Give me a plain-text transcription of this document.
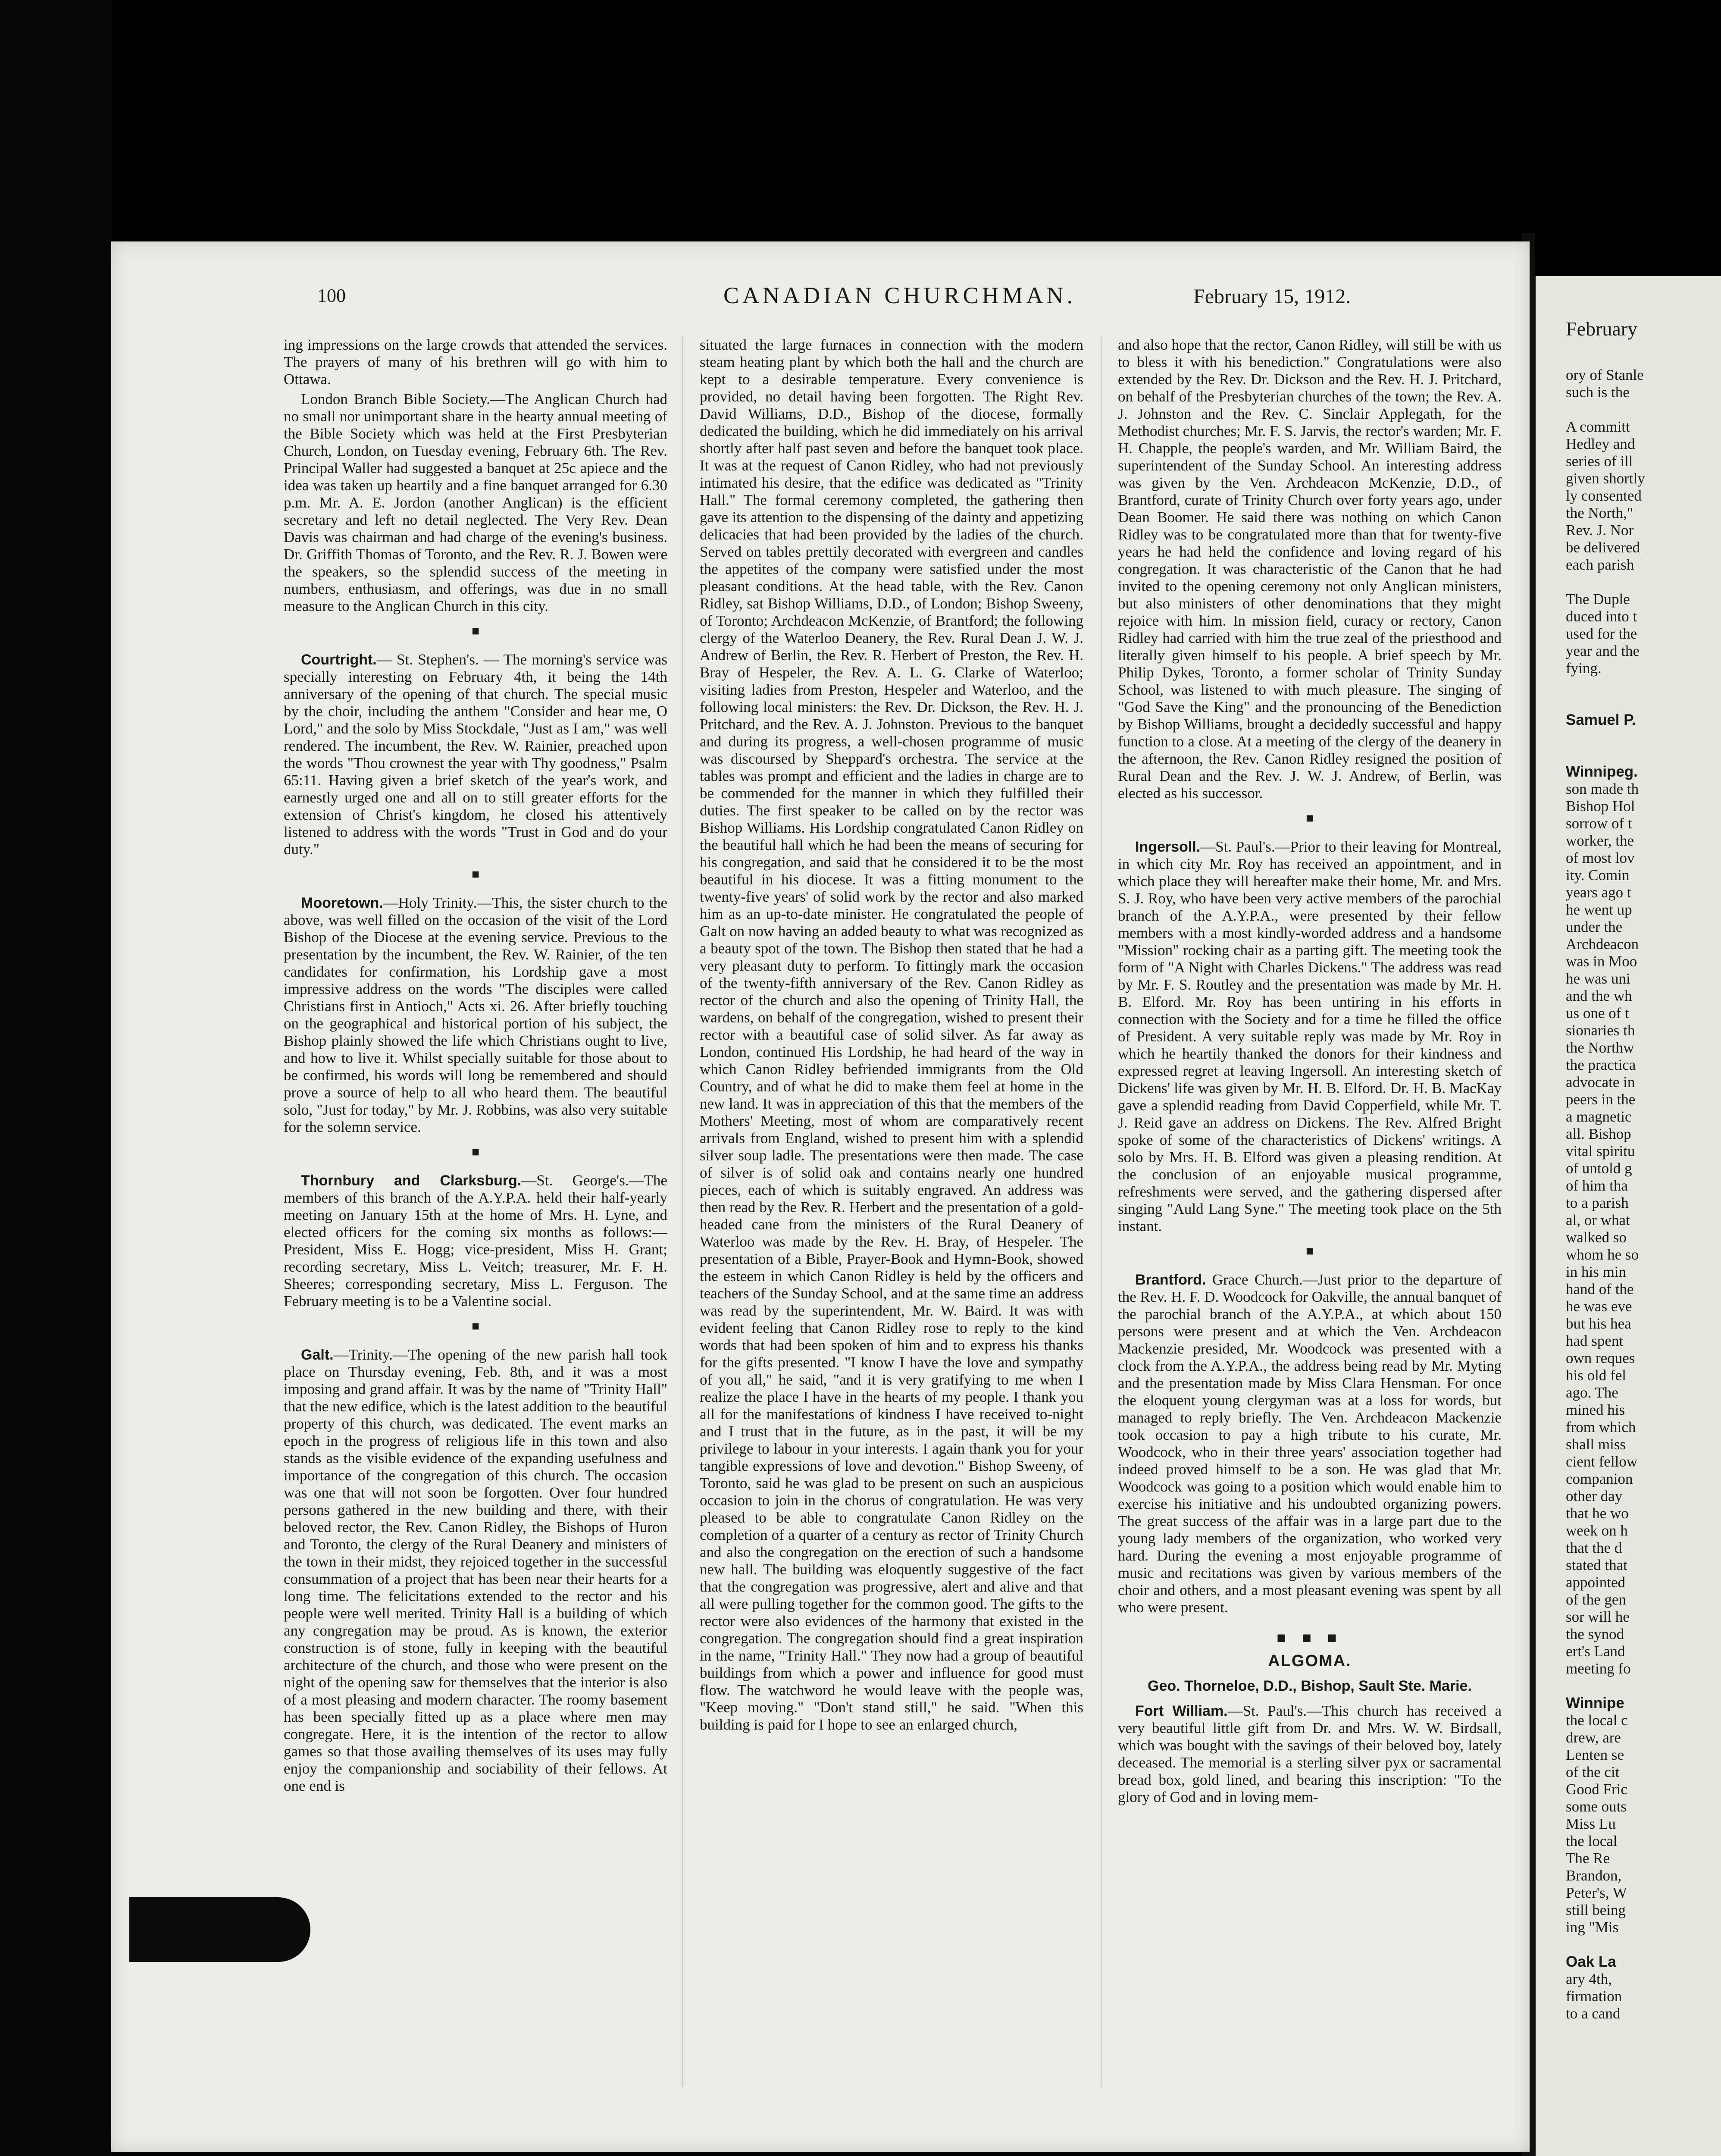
100	CANADIAN CHURCHMAN.	February 15, 1912.

ing impressions on the large crowds that attended the services. The prayers of many of his brethren will go with him to Ottawa.

London Branch Bible Society.—The Anglican Church had no small nor unimportant share in the hearty annual meeting of the Bible Society which was held at the First Presbyterian Church, London, on Tuesday evening, February 6th. The Rev. Principal Waller had suggested a banquet at 25c apiece and the idea was taken up heartily and a fine banquet arranged for 6.30 p.m. Mr. A. E. Jordon (another Anglican) is the efficient secretary and left no detail neglected. The Very Rev. Dean Davis was chairman and had charge of the evening's business. Dr. Griffith Thomas of Toronto, and the Rev. R. J. Bowen were the speakers, so the splendid success of the meeting in numbers, enthusiasm, and offerings, was due in no small measure to the Anglican Church in this city.

■

Courtright.— St. Stephen's. — The morning's service was specially interesting on February 4th, it being the 14th anniversary of the opening of that church. The special music by the choir, including the anthem "Consider and hear me, O Lord," and the solo by Miss Stockdale, "Just as I am," was well rendered. The incumbent, the Rev. W. Rainier, preached upon the words "Thou crownest the year with Thy goodness," Psalm 65:11. Having given a brief sketch of the year's work, and earnestly urged one and all on to still greater efforts for the extension of Christ's kingdom, he closed his attentively listened to address with the words "Trust in God and do your duty."

■

Mooretown.—Holy Trinity.—This, the sister church to the above, was well filled on the occasion of the visit of the Lord Bishop of the Diocese at the evening service. Previous to the presentation by the incumbent, the Rev. W. Rainier, of the ten candidates for confirmation, his Lordship gave a most impressive address on the words "The disciples were called Christians first in Antioch," Acts xi. 26. After briefly touching on the geographical and historical portion of his subject, the Bishop plainly showed the life which Christians ought to live, and how to live it. Whilst specially suitable for those about to be confirmed, his words will long be remembered and should prove a source of help to all who heard them. The beautiful solo, "Just for today," by Mr. J. Robbins, was also very suitable for the solemn service.

■

Thornbury and Clarksburg.—St. George's.—The members of this branch of the A.Y.P.A. held their half-yearly meeting on January 15th at the home of Mrs. H. Lyne, and elected officers for the coming six months as follows:—President, Miss E. Hogg; vice-president, Miss H. Grant; recording secretary, Miss L. Veitch; treasurer, Mr. F. H. Sheeres; corresponding secretary, Miss L. Ferguson. The February meeting is to be a Valentine social.

■

Galt.—Trinity.—The opening of the new parish hall took place on Thursday evening, Feb. 8th, and it was a most imposing and grand affair. It was by the name of "Trinity Hall" that the new edifice, which is the latest addition to the beautiful property of this church, was dedicated. The event marks an epoch in the progress of religious life in this town and also stands as the visible evidence of the expanding usefulness and importance of the congregation of this church. The occasion was one that will not soon be forgotten. Over four hundred persons gathered in the new building and there, with their beloved rector, the Rev. Canon Ridley, the Bishops of Huron and Toronto, the clergy of the Rural Deanery and ministers of the town in their midst, they rejoiced together in the successful consummation of a project that has been near their hearts for a long time. The felicitations extended to the rector and his people were well merited. Trinity Hall is a building of which any congregation may be proud. As is known, the exterior construction is of stone, fully in keeping with the beautiful architecture of the church, and those who were present on the night of the opening saw for themselves that the interior is also of a most pleasing and modern character. The roomy basement has been specially fitted up as a place where men may congregate. Here, it is the intention of the rector to allow games so that those availing themselves of its uses may fully enjoy the companionship and sociability of their fellows. At one end is

situated the large furnaces in connection with the modern steam heating plant by which both the hall and the church are kept to a desirable temperature. Every convenience is provided, no detail having been forgotten. The Right Rev. David Williams, D.D., Bishop of the diocese, formally dedicated the building, which he did immediately on his arrival shortly after half past seven and before the banquet took place. It was at the request of Canon Ridley, who had not previously intimated his desire, that the edifice was dedicated as "Trinity Hall." The formal ceremony completed, the gathering then gave its attention to the dispensing of the dainty and appetizing delicacies that had been provided by the ladies of the church. Served on tables prettily decorated with evergreen and candles the appetites of the company were satisfied under the most pleasant conditions. At the head table, with the Rev. Canon Ridley, sat Bishop Williams, D.D., of London; Bishop Sweeny, of Toronto; Archdeacon McKenzie, of Brantford; the following clergy of the Waterloo Deanery, the Rev. Rural Dean J. W. J. Andrew of Berlin, the Rev. R. Herbert of Preston, the Rev. H. Bray of Hespeler, the Rev. A. L. G. Clarke of Waterloo; visiting ladies from Preston, Hespeler and Waterloo, and the following local ministers: the Rev. Dr. Dickson, the Rev. H. J. Pritchard, and the Rev. A. J. Johnston. Previous to the banquet and during its progress, a well-chosen programme of music was discoursed by Sheppard's orchestra. The service at the tables was prompt and efficient and the ladies in charge are to be commended for the manner in which they fulfilled their duties. The first speaker to be called on by the rector was Bishop Williams. His Lordship congratulated Canon Ridley on the beautiful hall which he had been the means of securing for his congregation, and said that he considered it to be the most beautiful in his diocese. It was a fitting monument to the twenty-five years' of solid work by the rector and also marked him as an up-to-date minister. He congratulated the people of Galt on now having an added beauty to what was recognized as a beauty spot of the town. The Bishop then stated that he had a very pleasant duty to perform. To fittingly mark the occasion of the twenty-fifth anniversary of the Rev. Canon Ridley as rector of the church and also the opening of Trinity Hall, the wardens, on behalf of the congregation, wished to present their rector with a beautiful case of solid silver. As far away as London, continued His Lordship, he had heard of the way in which Canon Ridley befriended immigrants from the Old Country, and of what he did to make them feel at home in the new land. It was in appreciation of this that the members of the Mothers' Meeting, most of whom are comparatively recent arrivals from England, wished to present him with a splendid silver soup ladle. The presentations were then made. The case of silver is of solid oak and contains nearly one hundred pieces, each of which is suitably engraved. An address was then read by the Rev. R. Herbert and the presentation of a gold-headed cane from the ministers of the Rural Deanery of Waterloo was made by the Rev. H. Bray, of Hespeler. The presentation of a Bible, Prayer-Book and Hymn-Book, showed the esteem in which Canon Ridley is held by the officers and teachers of the Sunday School, and at the same time an address was read by the superintendent, Mr. W. Baird. It was with evident feeling that Canon Ridley rose to reply to the kind words that had been spoken of him and to express his thanks for the gifts presented. "I know I have the love and sympathy of you all," he said, "and it is very gratifying to me when I realize the place I have in the hearts of my people. I thank you all for the manifestations of kindness I have received to-night and I trust that in the future, as in the past, it will be my privilege to labour in your interests. I again thank you for your tangible expressions of love and devotion." Bishop Sweeny, of Toronto, said he was glad to be present on such an auspicious occasion to join in the chorus of congratulation. He was very pleased to be able to congratulate Canon Ridley on the completion of a quarter of a century as rector of Trinity Church and also the congregation on the erection of such a handsome new hall. The building was eloquently suggestive of the fact that the congregation was progressive, alert and alive and that all were pulling together for the common good. The gifts to the rector were also evidences of the harmony that existed in the congregation. The congregation should find a great inspiration in the name, "Trinity Hall." They now had a group of beautiful buildings from which a power and influence for good must flow. The watchword he would leave with the people was, "Keep moving." "Don't stand still," he said. "When this building is paid for I hope to see an enlarged church,

and also hope that the rector, Canon Ridley, will still be with us to bless it with his benediction." Congratulations were also extended by the Rev. Dr. Dickson and the Rev. H. J. Pritchard, on behalf of the Presbyterian churches of the town; the Rev. A. J. Johnston and the Rev. C. Sinclair Applegath, for the Methodist churches; Mr. F. S. Jarvis, the rector's warden; Mr. F. H. Chapple, the people's warden, and Mr. William Baird, the superintendent of the Sunday School. An interesting address was given by the Ven. Archdeacon McKenzie, D.D., of Brantford, curate of Trinity Church over forty years ago, under Dean Boomer. He said there was nothing on which Canon Ridley was to be congratulated more than that for twenty-five years he had held the confidence and loving regard of his congregation. It was characteristic of the Canon that he had invited to the opening ceremony not only Anglican ministers, but also ministers of other denominations that they might rejoice with him. In mission field, curacy or rectory, Canon Ridley had carried with him the true zeal of the priesthood and literally given himself to his people. A brief speech by Mr. Philip Dykes, Toronto, a former scholar of Trinity Sunday School, was listened to with much pleasure. The singing of "God Save the King" and the pronouncing of the Benediction by Bishop Williams, brought a decidedly successful and happy function to a close. At a meeting of the clergy of the deanery in the afternoon, the Rev. Canon Ridley resigned the position of Rural Dean and the Rev. J. W. J. Andrew, of Berlin, was elected as his successor.

■

Ingersoll.—St. Paul's.—Prior to their leaving for Montreal, in which city Mr. Roy has received an appointment, and in which place they will hereafter make their home, Mr. and Mrs. S. J. Roy, who have been very active members of the parochial branch of the A.Y.P.A., were presented by their fellow members with a most kindly-worded address and a handsome "Mission" rocking chair as a parting gift. The meeting took the form of "A Night with Charles Dickens." The address was read by Mr. F. S. Routley and the presentation was made by Mr. H. B. Elford. Mr. Roy has been untiring in his efforts in connection with the Society and for a time he filled the office of President. A very suitable reply was made by Mr. Roy in which he heartily thanked the donors for their kindness and expressed regret at leaving Ingersoll. An interesting sketch of Dickens' life was given by Mr. H. B. Elford. Dr. H. B. MacKay gave a splendid reading from David Copperfield, while Mr. T. J. Reid gave an address on Dickens. The Rev. Alfred Bright spoke of some of the characteristics of Dickens' writings. A solo by Mrs. H. B. Elford was given a pleasing rendition. At the conclusion of an enjoyable musical programme, refreshments were served, and the gathering dispersed after singing "Auld Lang Syne." The meeting took place on the 5th instant.

■

Brantford. Grace Church.—Just prior to the departure of the Rev. H. F. D. Woodcock for Oakville, the annual banquet of the parochial branch of the A.Y.P.A., at which about 150 persons were present and at which the Ven. Archdeacon Mackenzie presided, Mr. Woodcock was presented with a clock from the A.Y.P.A., the address being read by Mr. Myting and the presentation made by Miss Clara Hensman. For once the eloquent young clergyman was at a loss for words, but managed to reply briefly. The Ven. Archdeacon Mackenzie took occasion to pay a high tribute to his curate, Mr. Woodcock, who in their three years' association together had indeed proved himself to be a son. He was glad that Mr. Woodcock was going to a position which would enable him to exercise his initiative and his undoubted organizing powers. The great success of the affair was in a large part due to the young lady members of the organization, who worked very hard. During the evening a most enjoyable programme of music and recitations was given by various members of the choir and others, and a most pleasant evening was spent by all who were present.

■ ■ ■
ALGOMA.
Geo. Thorneloe, D.D., Bishop, Sault Ste. Marie.

Fort William.—St. Paul's.—This church has received a very beautiful little gift from Dr. and Mrs. W. W. Birdsall, which was bought with the savings of their beloved boy, lately deceased. The memorial is a sterling silver pyx or sacramental bread box, gold lined, and bearing this inscription: "To the glory of God and in loving mem-

February
ory of Stanle
such is the

A committ
Hedley and
series of ill
given shortly
ly consented
the North,"
Rev. J. Nor
be delivered
each parish

The Duple
duced into t
used for the
year and the
fying.

Samuel P.

Winnipeg.
son made th
Bishop Hol
sorrow of t
worker, the
of most lov
ity. Comin
years ago t
he went up
under the
Archdeacon
was in Moo
he was uni
and the wh
us one of t
sionaries th
the Northw
the practica
advocate in
peers in the
a magnetic
all. Bishop
vital spiritu
of untold g
of him tha
to a parish
al, or what
walked so
whom he so
in his min
hand of the
he was eve
but his hea
had spent
own reques
his old fel
ago. The
mined his
from which
shall miss
cient fellow
companion
other day
that he wo
week on h
that the d
stated that
appointed
of the gen
sor will he
the synod
ert's Land
meeting fo

Winnipe
the local c
drew, are
Lenten se
of the cit
Good Fric
some outs
Miss Lu
the local
The Re
Brandon,
Peter's, W
still being
ing "Mis

Oak La
ary 4th,
firmation
to a cand
